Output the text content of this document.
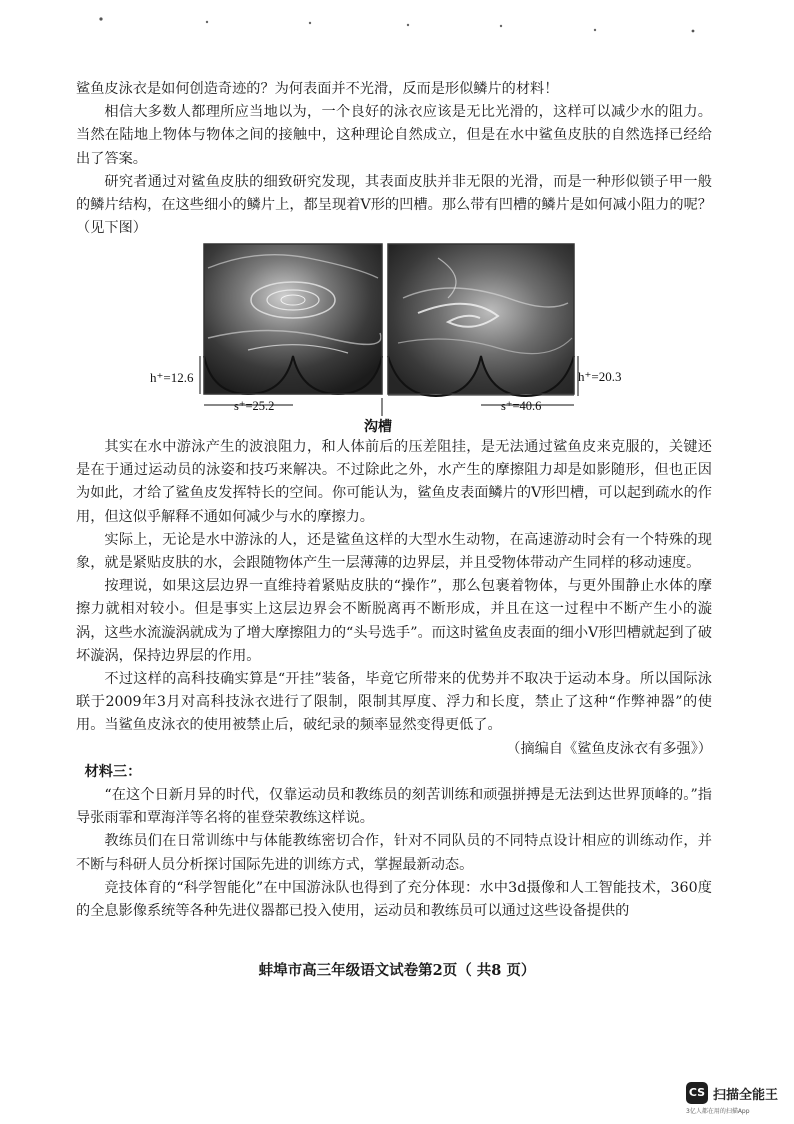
鲨鱼皮泳衣是如何创造奇迹的？为何表面并不光滑，反而是形似鳞片的材料！

相信大多数人都理所应当地以为，一个良好的泳衣应该是无比光滑的，这样可以减少水的阻力。当然在陆地上物体与物体之间的接触中，这种理论自然成立，但是在水中鲨鱼皮肤的自然选择已经给出了答案。

研究者通过对鲨鱼皮肤的细致研究发现，其表面皮肤并非无限的光滑，而是一种形似锁子甲一般的鳞片结构，在这些细小的鳞片上，都呈现着V形的凹槽。那么带有凹槽的鳞片是如何减小阻力的呢？（见下图）

h⁺=12.6
s⁺=25.2
h⁺=20.3
s⁺=40.6
沟槽

其实在水中游泳产生的波浪阻力，和人体前后的压差阻挂，是无法通过鲨鱼皮来克服的，关键还是在于通过运动员的泳姿和技巧来解决。不过除此之外，水产生的摩擦阻力却是如影随形，但也正因为如此，才给了鲨鱼皮发挥特长的空间。你可能认为，鲨鱼皮表面鳞片的V形凹槽，可以起到疏水的作用，但这似乎解释不通如何减少与水的摩擦力。

实际上，无论是水中游泳的人，还是鲨鱼这样的大型水生动物，在高速游动时会有一个特殊的现象，就是紧贴皮肤的水，会跟随物体产生一层薄薄的边界层，并且受物体带动产生同样的移动速度。

按理说，如果这层边界一直维持着紧贴皮肤的“操作”，那么包裹着物体，与更外围静止水体的摩擦力就相对较小。但是事实上这层边界会不断脱离再不断形成，并且在这一过程中不断产生小的漩涡，这些水流漩涡就成为了增大摩擦阻力的“头号选手”。而这时鲨鱼皮表面的细小V形凹槽就起到了破坏漩涡，保持边界层的作用。

不过这样的高科技确实算是“开挂”装备，毕竟它所带来的优势并不取决于运动本身。所以国际泳联于2009年3月对高科技泳衣进行了限制，限制其厚度、浮力和长度，禁止了这种“作弊神器”的使用。当鲨鱼皮泳衣的使用被禁止后，破纪录的频率显然变得更低了。

（摘编自《鲨鱼皮泳衣有多强》）

材料三：

“在这个日新月异的时代，仅靠运动员和教练员的刻苦训练和顽强拼搏是无法到达世界顶峰的。”指导张雨霏和覃海洋等名将的崔登荣教练这样说。

教练员们在日常训练中与体能教练密切合作，针对不同队员的不同特点设计相应的训练动作，并不断与科研人员分析探讨国际先进的训练方式，掌握最新动态。

竞技体育的“科学智能化”在中国游泳队也得到了充分体现：水中3d摄像和人工智能技术，360度的全息影像系统等各种先进仪器都已投入使用，运动员和教练员可以通过这些设备提供的

蚌埠市高三年级语文试卷第2页（ 共8 页）
CS 扫描全能王
3亿人都在用的扫描App
